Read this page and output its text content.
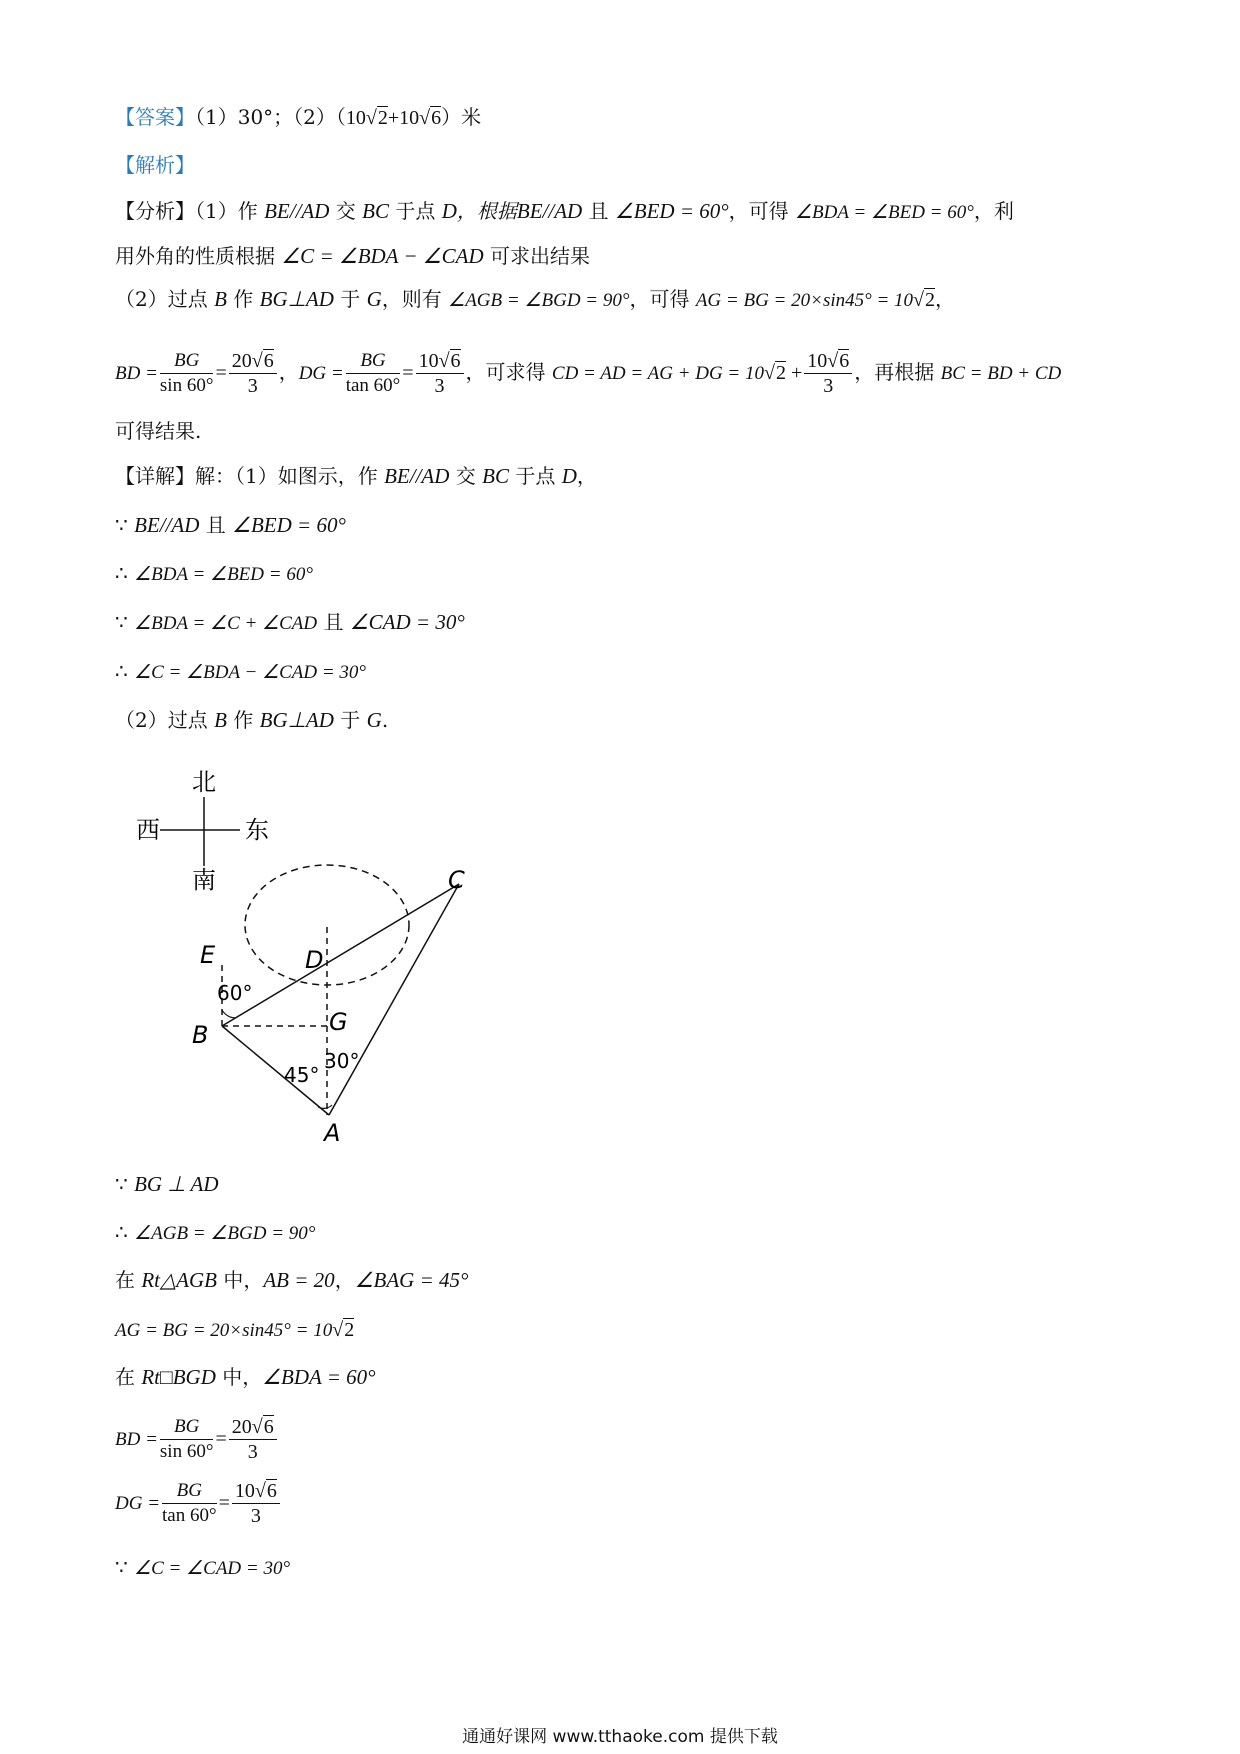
【答案】（1）30°；（2）（10√2+10√6）米
【解析】
【分析】（1）作 BE//AD 交 BC 于点 D，根据BE//AD 且 ∠BED = 60°，可得 ∠BDA = ∠BED = 60°，利
用外角的性质根据 ∠C = ∠BDA − ∠CAD 可求出结果
（2）过点 B 作 BG⊥AD 于 G，则有 ∠AGB = ∠BGD = 90°，可得 AG = BG = 20×sin45° = 10√2，
BD = $\frac{BG}{\sin 60^\circ} = \frac{20√6}{3}$ ，DG = $\frac{BG}{\tan 60^\circ} = \frac{10√6}{3}$ ，可求得 CD = AD = AG + DG = $10√2 + \frac{10√6}{3}$ ，再根据 BC = BD + CD
可得结果.
【详解】解：（1）如图示，作 BE//AD 交 BC 于点 D，
∵ BE//AD 且 ∠BED = 60°
∴ ∠BDA = ∠BED = 60°
∵ ∠BDA = ∠C + ∠CAD 且 ∠CAD = 30°
∴ ∠C = ∠BDA − ∠CAD = 30°
（2）过点 B 作 BG⊥AD 于 G.
北
南
西	东
C
E	D
B	G
A
60°
45°
30°
∵ BG ⊥ AD
∴ ∠AGB = ∠BGD = 90°
在 Rt△AGB 中，AB = 20，∠BAG = 45°
AG = BG = 20×sin45° = 10√2
在 Rt□BGD 中，∠BDA = 60°
BD = $\frac{BG}{\sin 60^\circ} = \frac{20√6}{3}$
DG = $\frac{BG}{\tan 60^\circ} = \frac{10√6}{3}$
∵ ∠C = ∠CAD = 30°
通通好课网 www.tthaoke.com 提供下载
